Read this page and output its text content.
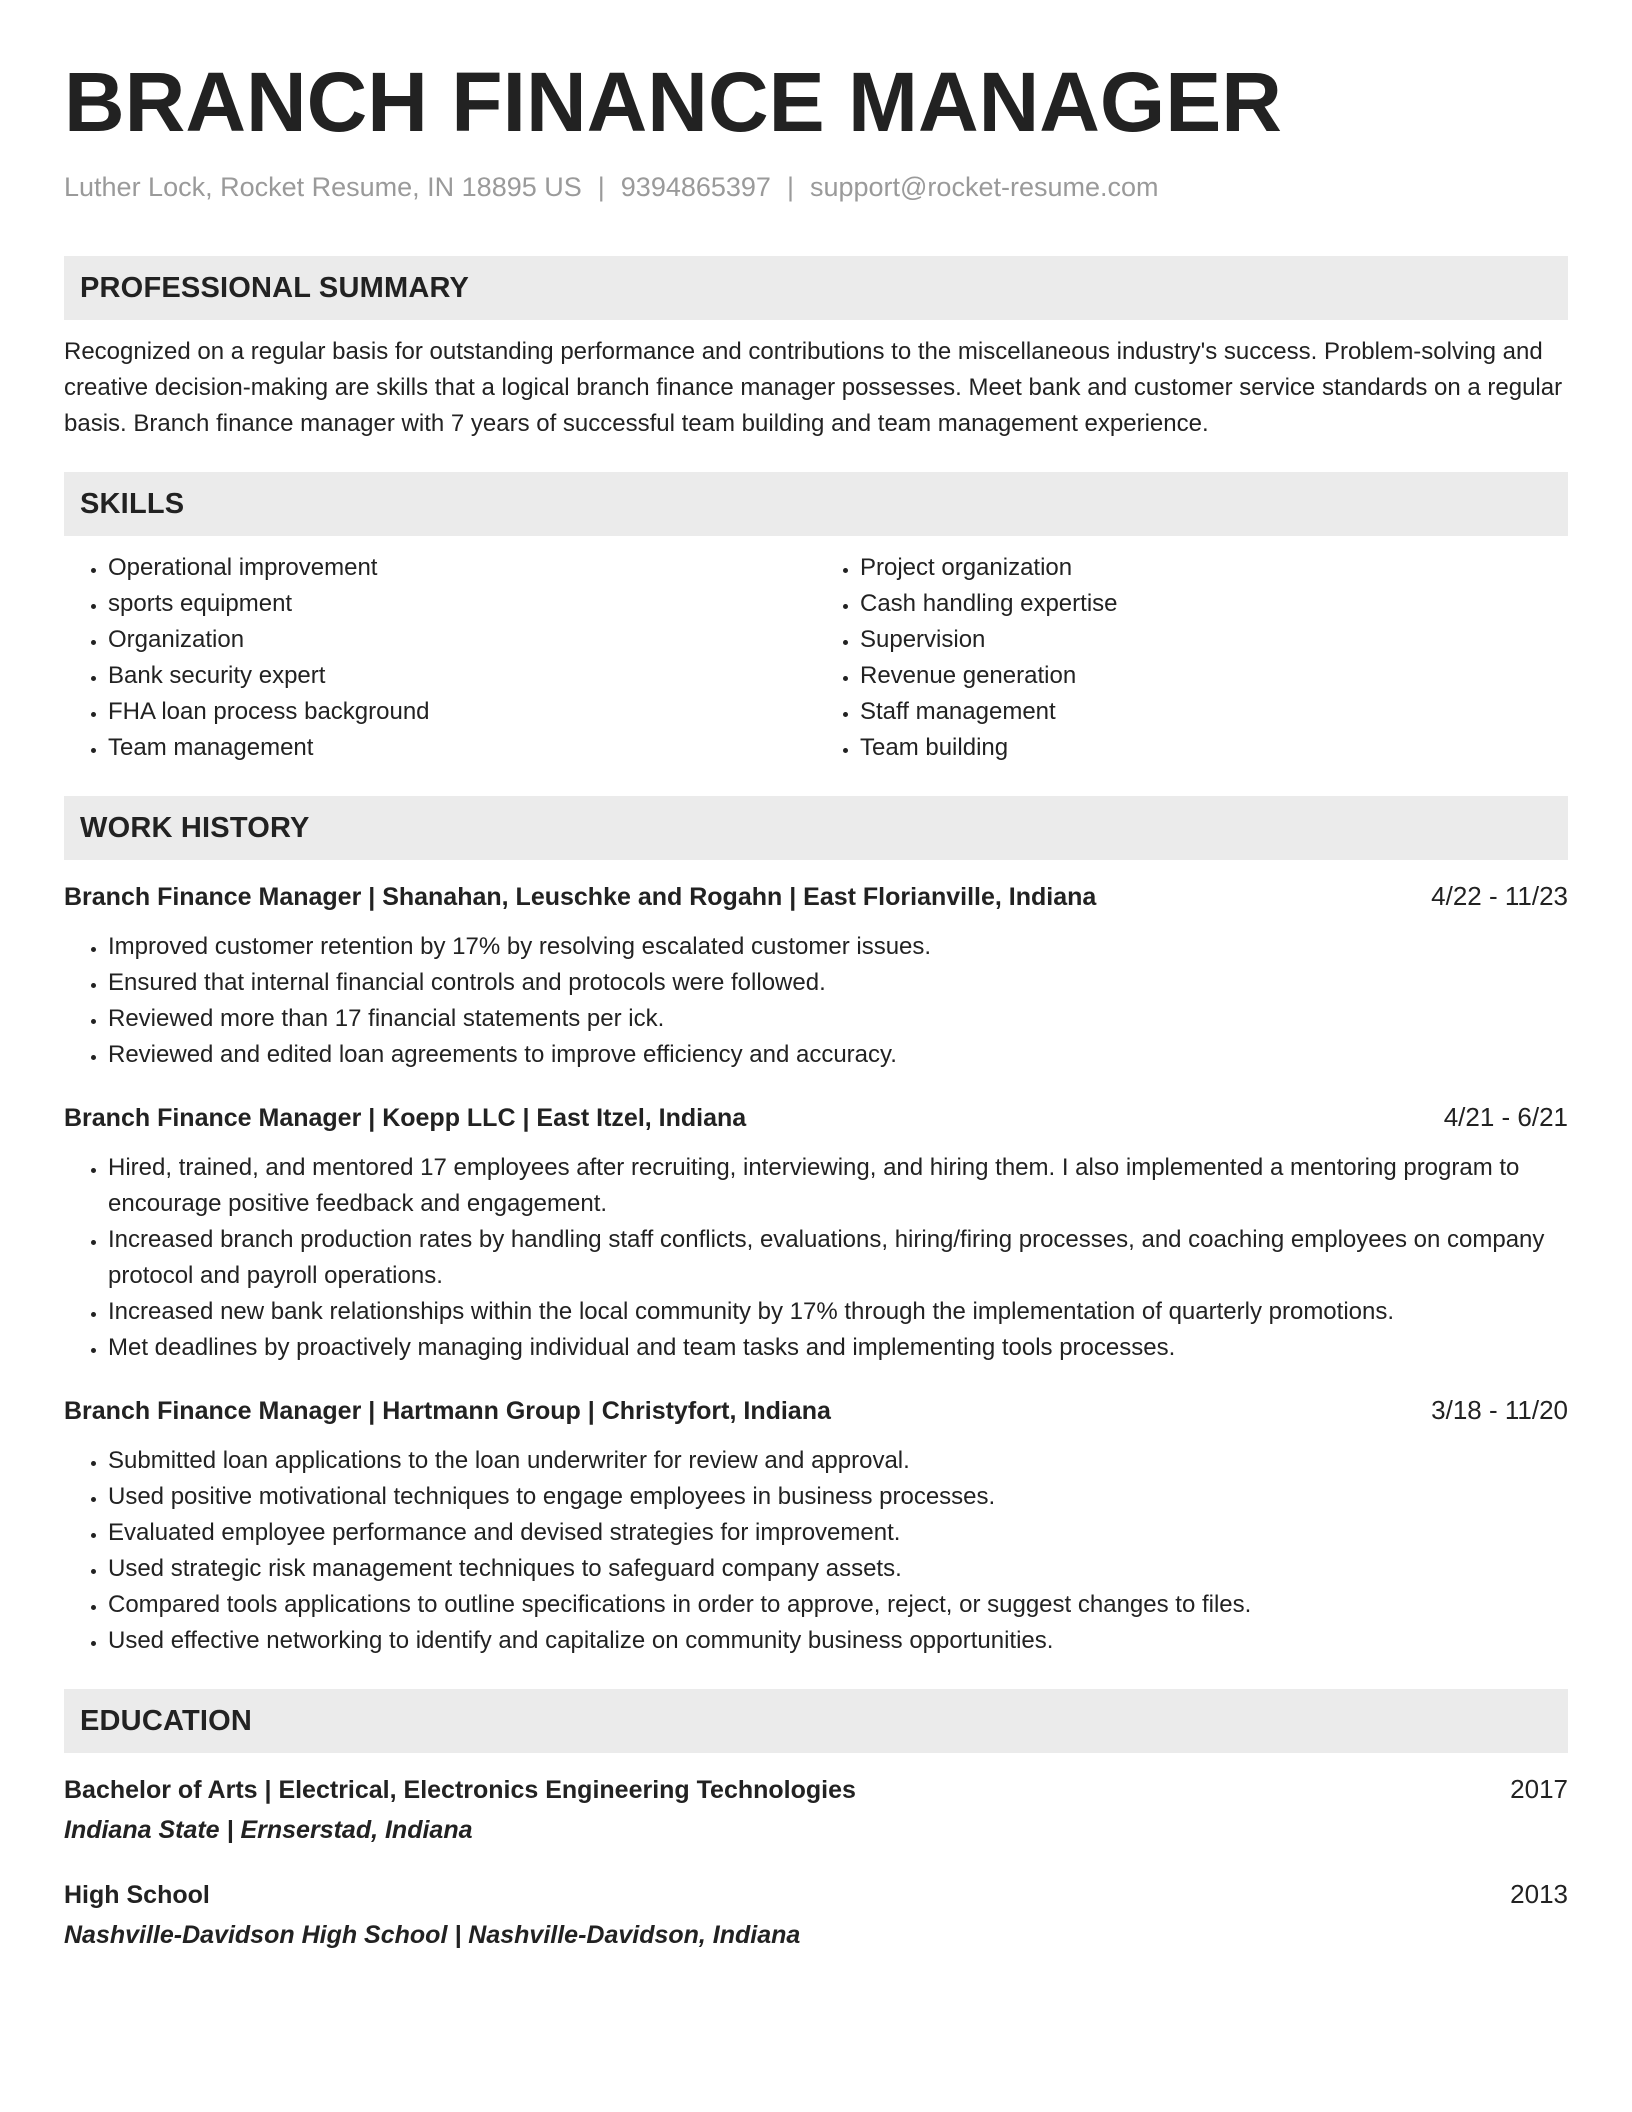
BRANCH FINANCE MANAGER
Luther Lock, Rocket Resume, IN 18895 US | 9394865397 | support@rocket-resume.com
PROFESSIONAL SUMMARY
Recognized on a regular basis for outstanding performance and contributions to the miscellaneous industry's success. Problem-solving and creative decision-making are skills that a logical branch finance manager possesses. Meet bank and customer service standards on a regular basis. Branch finance manager with 7 years of successful team building and team management experience.
SKILLS
• Operational improvement
• sports equipment
• Organization
• Bank security expert
• FHA loan process background
• Team management
• Project organization
• Cash handling expertise
• Supervision
• Revenue generation
• Staff management
• Team building
WORK HISTORY
Branch Finance Manager | Shanahan, Leuschke and Rogahn | East Florianville, Indiana	4/22 - 11/23
• Improved customer retention by 17% by resolving escalated customer issues.
• Ensured that internal financial controls and protocols were followed.
• Reviewed more than 17 financial statements per ick.
• Reviewed and edited loan agreements to improve efficiency and accuracy.
Branch Finance Manager | Koepp LLC | East Itzel, Indiana	4/21 - 6/21
• Hired, trained, and mentored 17 employees after recruiting, interviewing, and hiring them. I also implemented a mentoring program to encourage positive feedback and engagement.
• Increased branch production rates by handling staff conflicts, evaluations, hiring/firing processes, and coaching employees on company protocol and payroll operations.
• Increased new bank relationships within the local community by 17% through the implementation of quarterly promotions.
• Met deadlines by proactively managing individual and team tasks and implementing tools processes.
Branch Finance Manager | Hartmann Group | Christyfort, Indiana	3/18 - 11/20
• Submitted loan applications to the loan underwriter for review and approval.
• Used positive motivational techniques to engage employees in business processes.
• Evaluated employee performance and devised strategies for improvement.
• Used strategic risk management techniques to safeguard company assets.
• Compared tools applications to outline specifications in order to approve, reject, or suggest changes to files.
• Used effective networking to identify and capitalize on community business opportunities.
EDUCATION
Bachelor of Arts | Electrical, Electronics Engineering Technologies	2017
Indiana State | Ernserstad, Indiana
High School	2013
Nashville-Davidson High School | Nashville-Davidson, Indiana
